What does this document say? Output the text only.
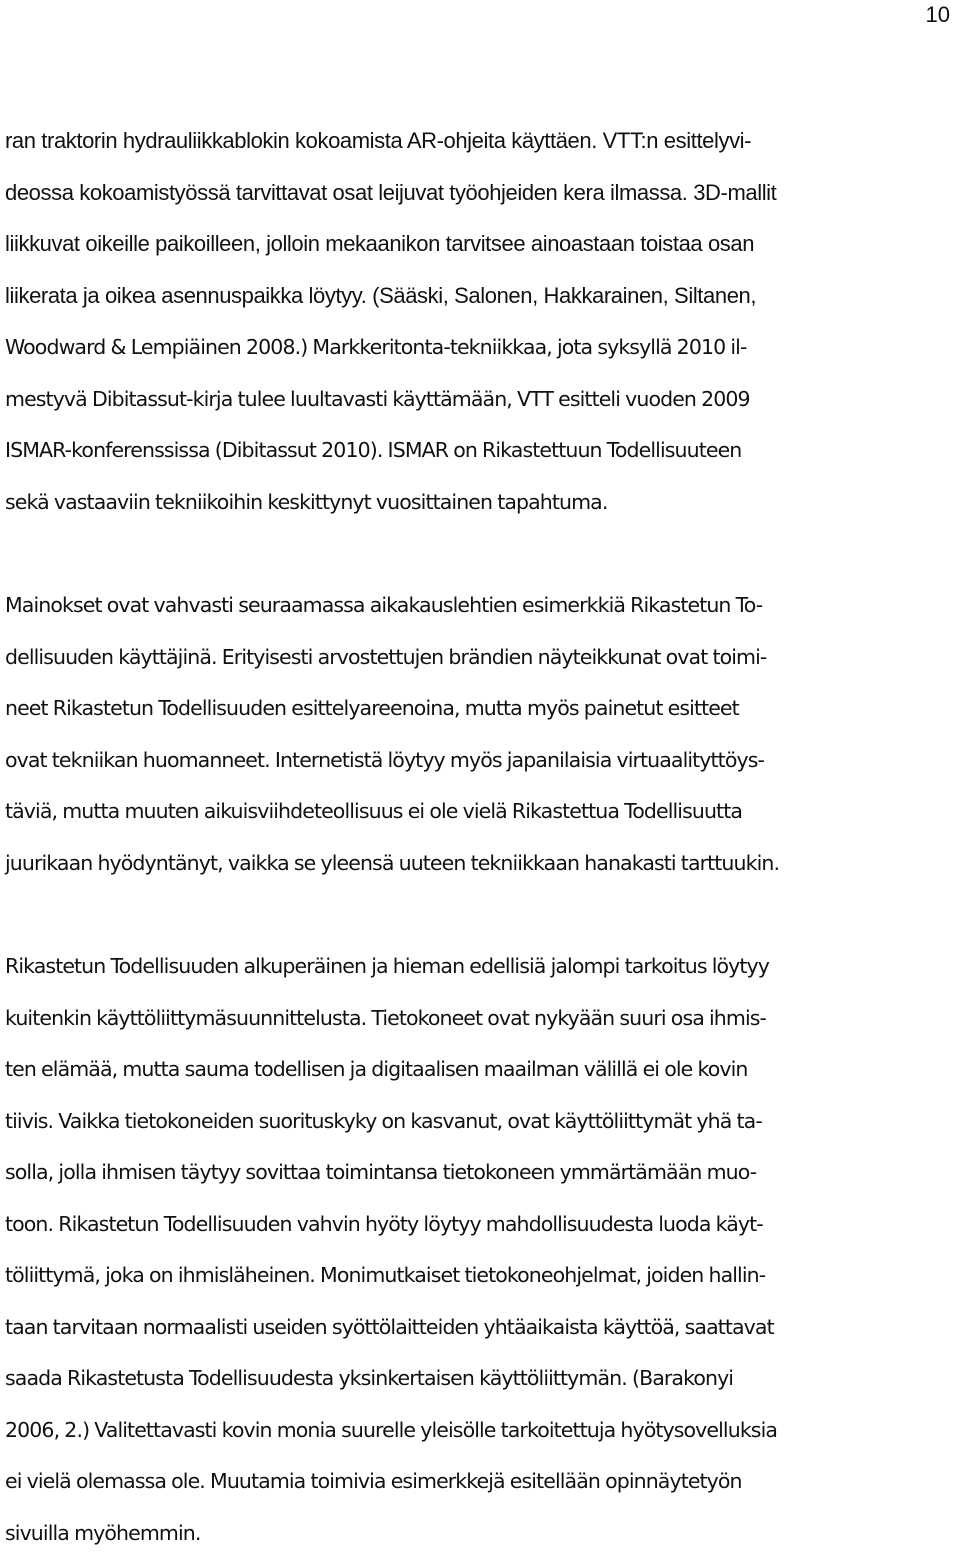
10
ran traktorin hydrauliikkablokin kokoamista AR-ohjeita käyttäen. VTT:n esittelyvi-
deossa kokoamistyössä tarvittavat osat leijuvat työohjeiden kera ilmassa. 3D-mallit
liikkuvat oikeille paikoilleen, jolloin mekaanikon tarvitsee ainoastaan toistaa osan
liikerata ja oikea asennuspaikka löytyy. (Sääski, Salonen, Hakkarainen, Siltanen,
Woodward & Lempiäinen 2008.) Markkeritonta-tekniikkaa, jota syksyllä 2010 il-
mestyvä Dibitassut-kirja tulee luultavasti käyttämään, VTT esitteli vuoden 2009
ISMAR-konferenssissa (Dibitassut 2010). ISMAR on Rikastettuun Todellisuuteen
sekä vastaaviin tekniikoihin keskittynyt vuosittainen tapahtuma.
Mainokset ovat vahvasti seuraamassa aikakauslehtien esimerkkiä Rikastetun To-
dellisuuden käyttäjinä. Erityisesti arvostettujen brändien näyteikkunat ovat toimi-
neet Rikastetun Todellisuuden esittelyareenoina, mutta myös painetut esitteet
ovat tekniikan huomanneet. Internetistä löytyy myös japanilaisia virtuaalityttöys-
täviä, mutta muuten aikuisviihdeteollisuus ei ole vielä Rikastettua Todellisuutta
juurikaan hyödyntänyt, vaikka se yleensä uuteen tekniikkaan hanakasti tarttuukin.
Rikastetun Todellisuuden alkuperäinen ja hieman edellisiä jalompi tarkoitus löytyy
kuitenkin käyttöliittymäsuunnittelusta. Tietokoneet ovat nykyään suuri osa ihmis-
ten elämää, mutta sauma todellisen ja digitaalisen maailman välillä ei ole kovin
tiivis. Vaikka tietokoneiden suorituskyky on kasvanut, ovat käyttöliittymät yhä ta-
solla, jolla ihmisen täytyy sovittaa toimintansa tietokoneen ymmärtämään muo-
toon. Rikastetun Todellisuuden vahvin hyöty löytyy mahdollisuudesta luoda käyt-
töliittymä, joka on ihmisläheinen. Monimutkaiset tietokoneohjelmat, joiden hallin-
taan tarvitaan normaalisti useiden syöttölaitteiden yhtäaikaista käyttöä, saattavat
saada Rikastetusta Todellisuudesta yksinkertaisen käyttöliittymän. (Barakonyi
2006, 2.) Valitettavasti kovin monia suurelle yleisölle tarkoitettuja hyötysovelluksia
ei vielä olemassa ole. Muutamia toimivia esimerkkejä esitellään opinnäytetyön
sivuilla myöhemmin.
